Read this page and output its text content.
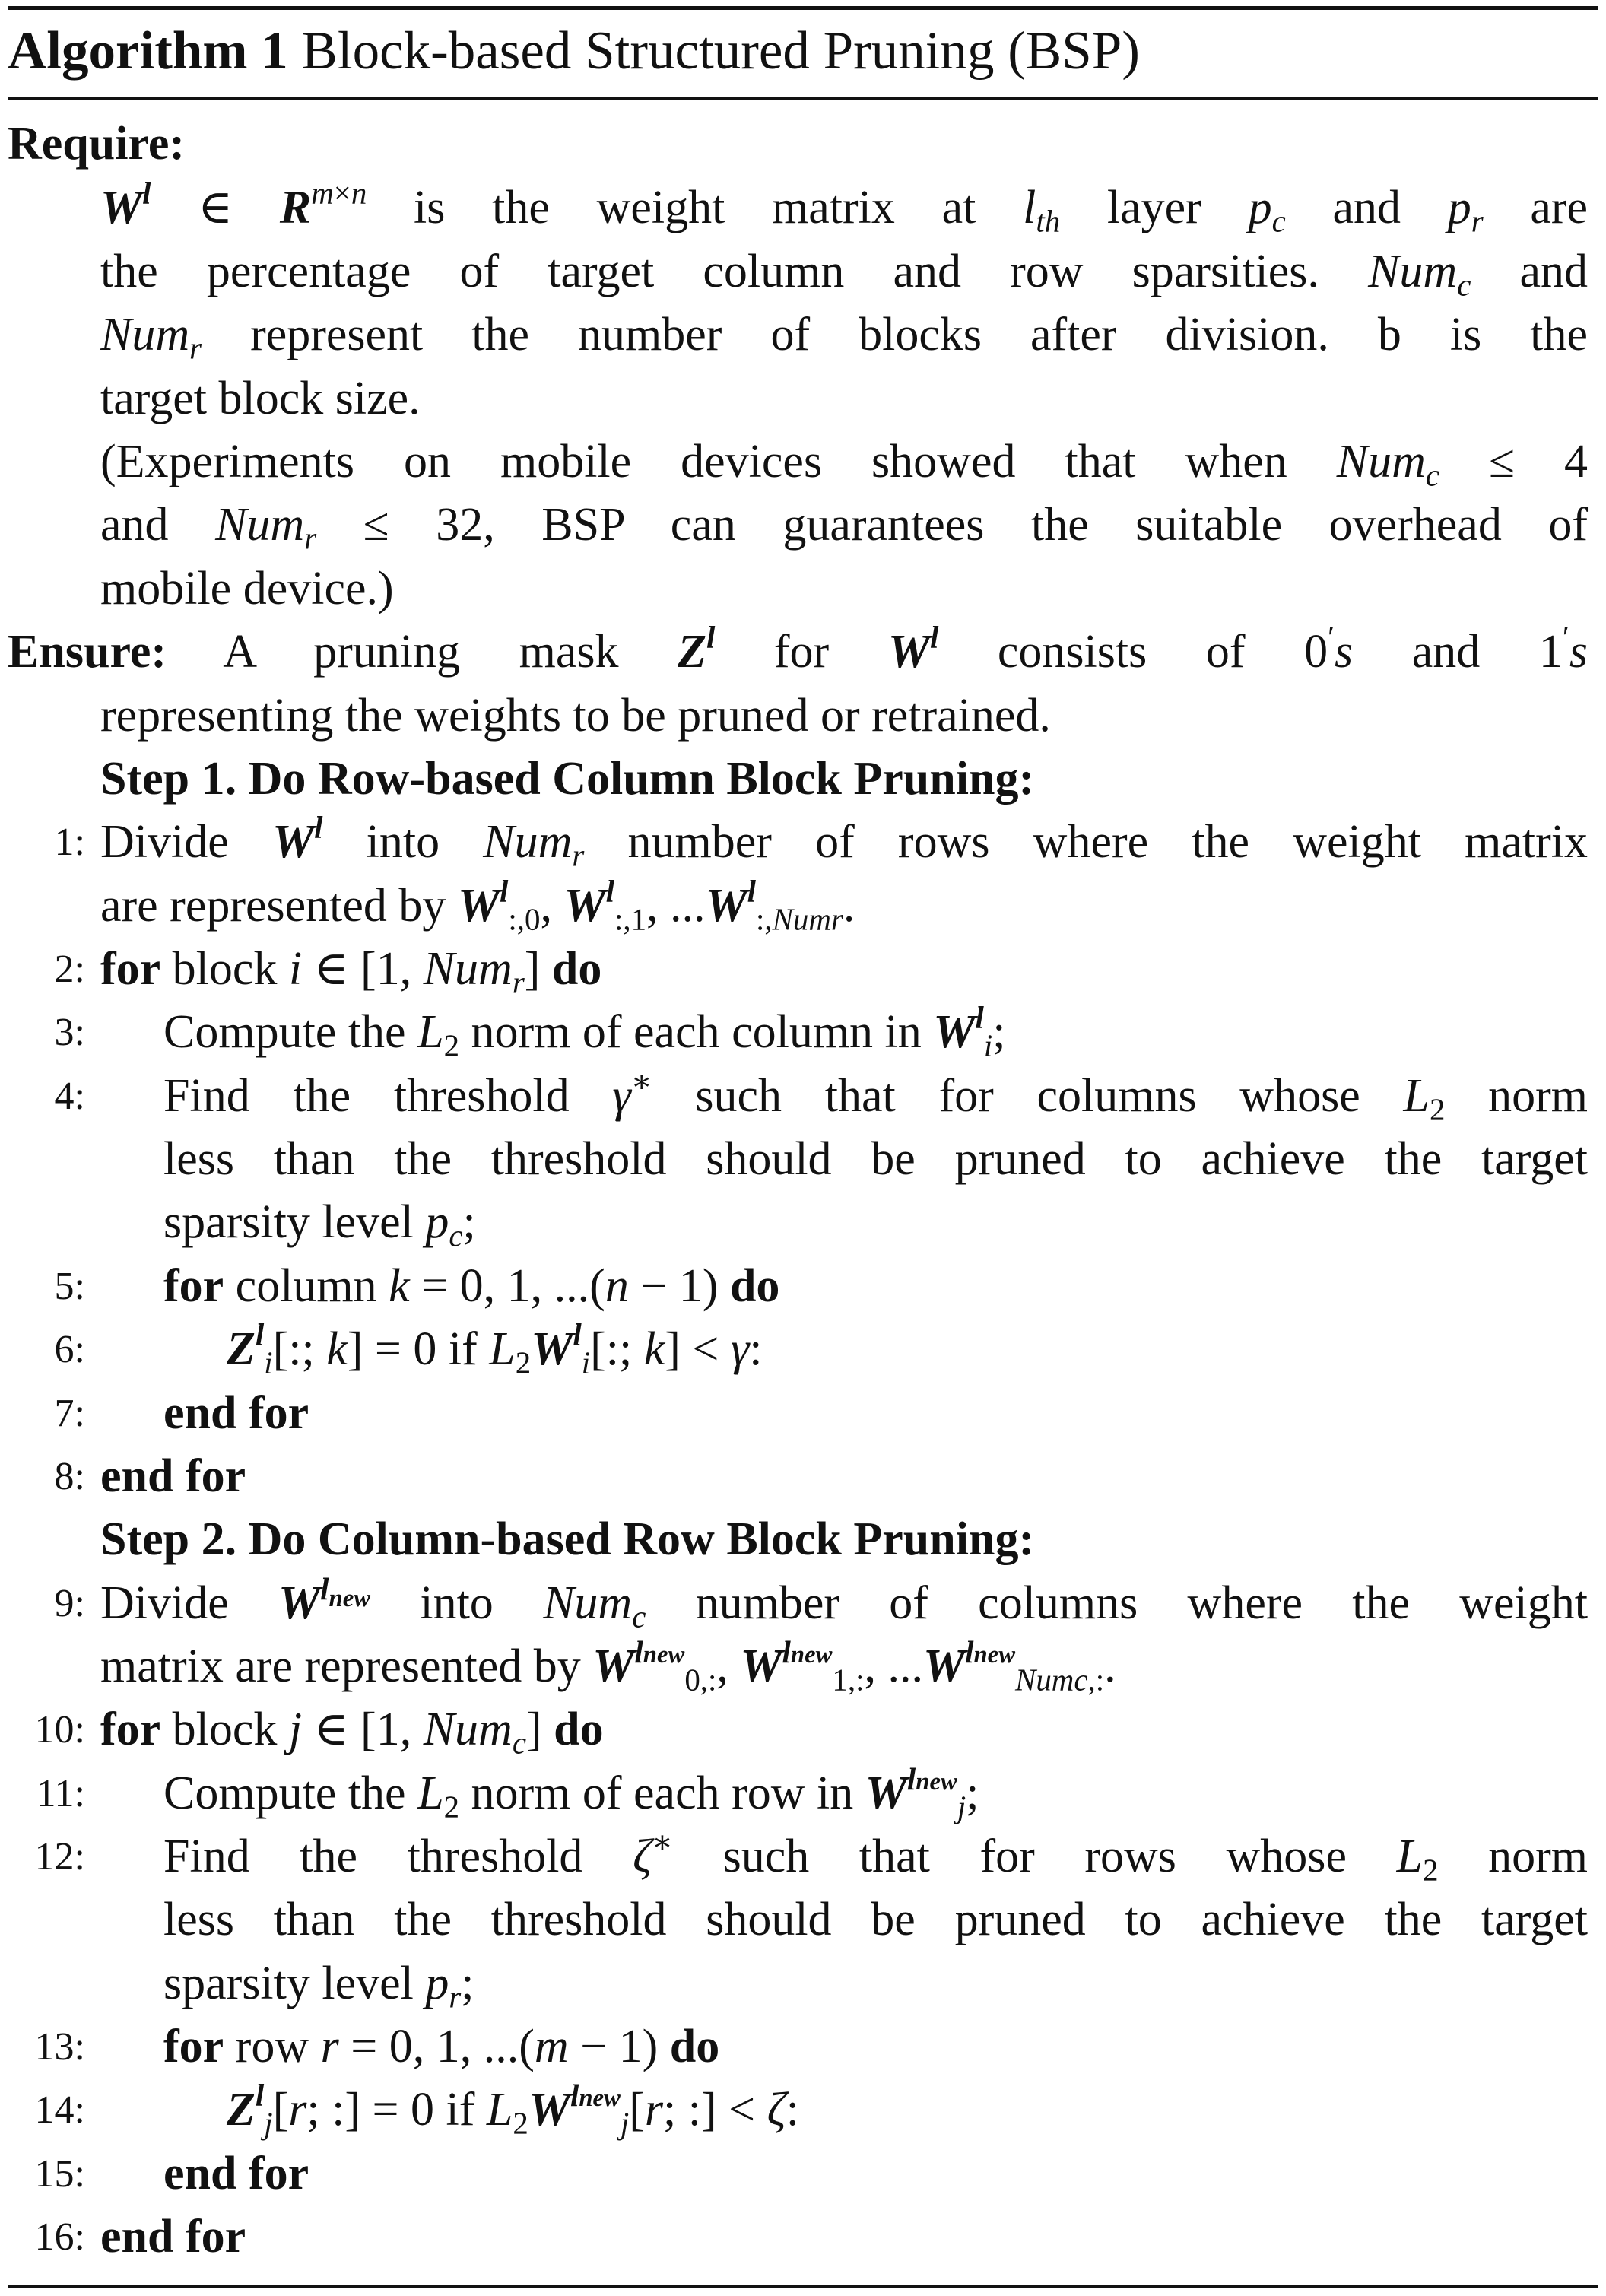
Algorithm 1 Block-based Structured Pruning (BSP)
Require:
$W^l$ ∈ $R^{m\times n}$ is the weight matrix at $l_{th}$ layer $p_c$ and $p_r$ are
the percentage of target column and row sparsities. Num$_c$ and
Num$_r$ represent the number of blocks after division. b is the
target block size.
(Experiments on mobile devices showed that when Num$_c$ ≤ 4
and Num$_r$ ≤ 32, BSP can guarantees the suitable overhead of
mobile device.)
Ensure: A pruning mask $Z^l$ for $W^l$ consists of 0′s and 1′s
representing the weights to be pruned or retrained.
Step 1. Do Row-based Column Block Pruning:
1: Divide $W^l$ into Num$_r$ number of rows where the weight matrix
are represented by $W^l_{:,0}$, $W^l_{:,1}$, $...W^l_{:,Numr}$.
2: for block i ∈ [1, Num$_r$] do
3: Compute the $L_2$ norm of each column in $W^l_i$;
4: Find the threshold γ∗ such that for columns whose $L_2$ norm
less than the threshold should be pruned to achieve the target
sparsity level $p_c$;
5: for column k = 0, 1, ...(n − 1) do
6:	$Z^l_i$[:; k] = 0 if $L_2W^l_i$[:; k] < γ:
7: end for
8: end for
Step 2. Do Column-based Row Block Pruning:
9: Divide $W^{l_{new}}$ into Num$_c$ number of columns where the weight
matrix are represented by $W^{lnew}_{0,:}$, $W^{lnew}_{1,:}$, $...W^{lnew}_{Numc,:}$.
10: for block j ∈ [1, Num$_c$] do
11: Compute the $L_2$ norm of each row in $W^{lnew}_j$;
12: Find the threshold ζ∗ such that for rows whose $L_2$ norm
less than the threshold should be pruned to achieve the target
sparsity level $p_r$;
13: for row r = 0, 1, ...(m − 1) do
14:	$Z^l_j[r$; :] = 0 if $L_2W^{lnew}_j[r$; :] < ζ:
15: end for
16: end for
